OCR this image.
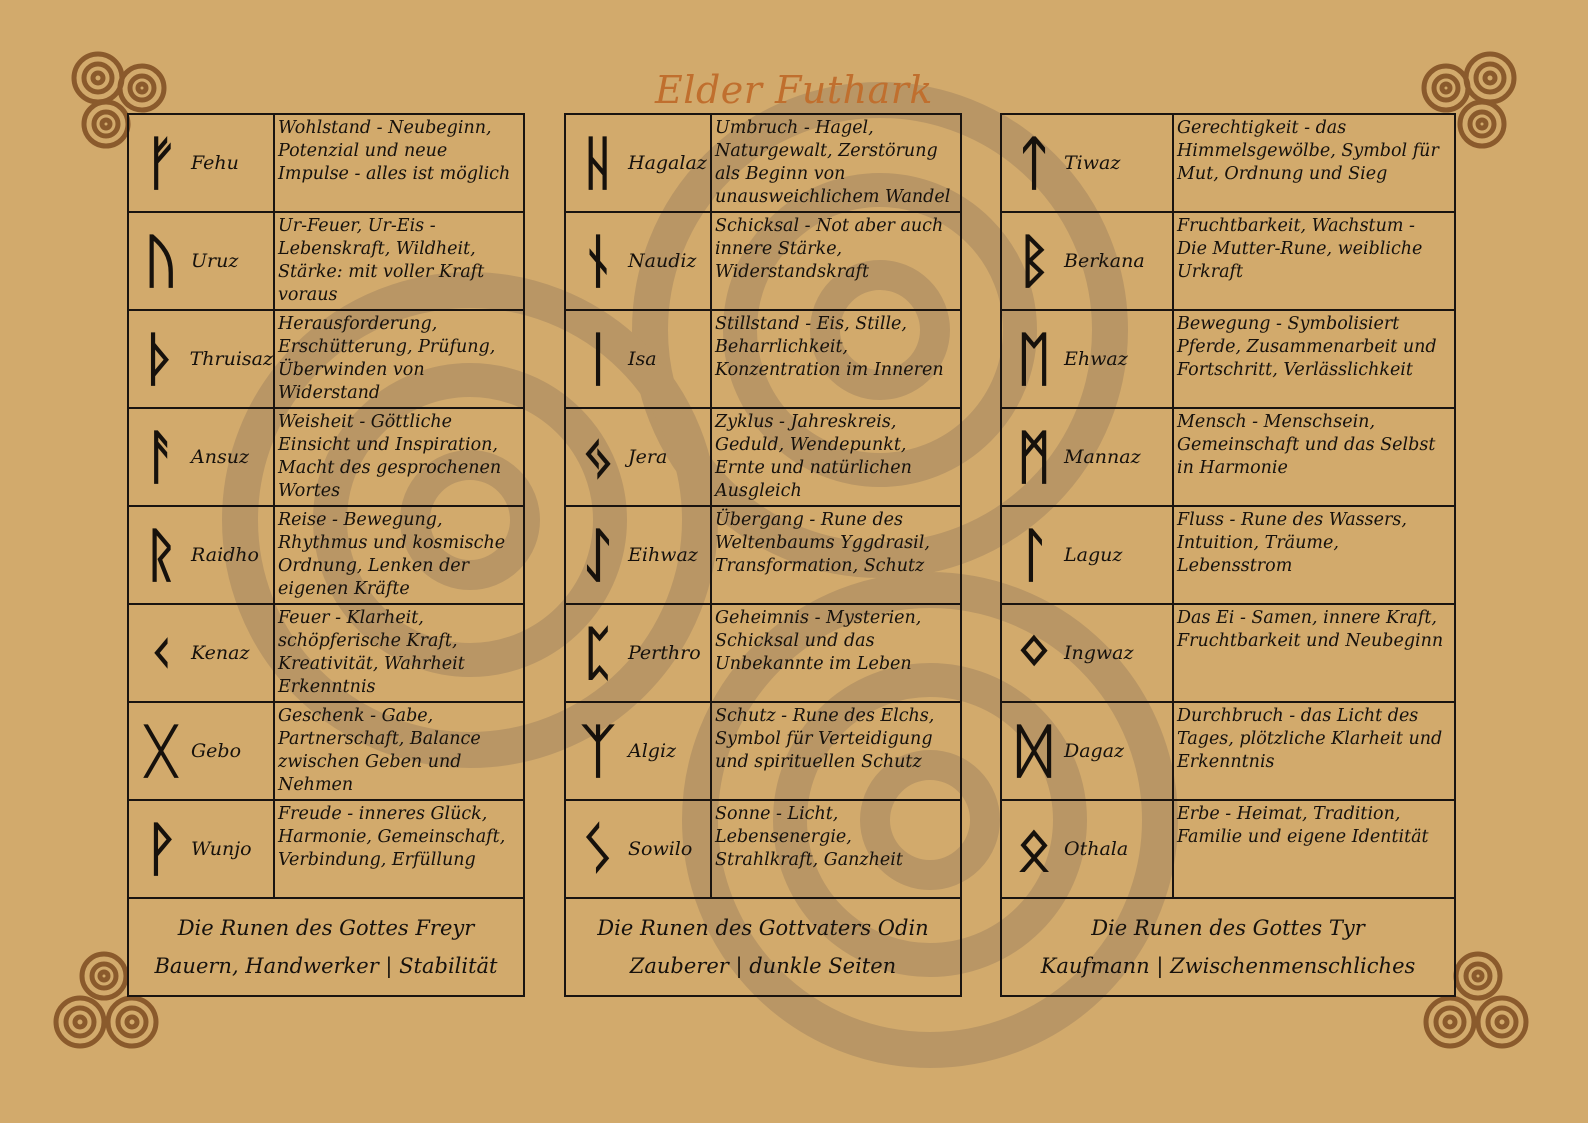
Elder Futhark
ᚠ Fehu
Wohlstand - Neubeginn, Potenzial und neue Impulse - alles ist möglich
ᚢ Uruz
Ur-Feuer, Ur-Eis - Lebenskraft, Wildheit, Stärke: mit voller Kraft voraus
ᚦ Thruisaz
Herausforderung, Erschütterung, Prüfung, Überwinden von Widerstand
ᚨ Ansuz
Weisheit - Göttliche Einsicht und Inspiration, Macht des gesprochenen Wortes
ᚱ Raidho
Reise - Bewegung, Rhythmus und kosmische Ordnung, Lenken der eigenen Kräfte
ᚲ Kenaz
Feuer - Klarheit, schöpferische Kraft, Kreativität, Wahrheit Erkenntnis
ᚷ Gebo
Geschenk - Gabe, Partnerschaft, Balance zwischen Geben und Nehmen
ᚹ Wunjo
Freude - inneres Glück, Harmonie, Gemeinschaft, Verbindung, Erfüllung
Die Runen des Gottes Freyr
Bauern, Handwerker | Stabilität
ᚺ Hagalaz
Umbruch - Hagel, Naturgewalt, Zerstörung als Beginn von unausweichlichem Wandel
ᚾ Naudiz
Schicksal - Not aber auch innere Stärke, Widerstandskraft
ᛁ Isa
Stillstand - Eis, Stille, Beharrlichkeit, Konzentration im Inneren
ᛃ Jera
Zyklus - Jahreskreis, Geduld, Wendepunkt, Ernte und natürlichen Ausgleich
ᛇ Eihwaz
Übergang - Rune des Weltenbaums Yggdrasil, Transformation, Schutz
ᛈ Perthro
Geheimnis - Mysterien, Schicksal und das Unbekannte im Leben
ᛉ Algiz
Schutz - Rune des Elchs, Symbol für Verteidigung und spirituellen Schutz
ᛊ Sowilo
Sonne - Licht, Lebensenergie, Strahlkraft, Ganzheit
Die Runen des Gottvaters Odin
Zauberer | dunkle Seiten
ᛏ Tiwaz
Gerechtigkeit - das Himmelsgewölbe, Symbol für Mut, Ordnung und Sieg
ᛒ Berkana
Fruchtbarkeit, Wachstum - Die Mutter-Rune, weibliche Urkraft
ᛖ Ehwaz
Bewegung - Symbolisiert Pferde, Zusammenarbeit und Fortschritt, Verlässlichkeit
ᛗ Mannaz
Mensch - Menschsein, Gemeinschaft und das Selbst in Harmonie
ᛚ Laguz
Fluss - Rune des Wassers, Intuition, Träume, Lebensstrom
ᛜ Ingwaz
Das Ei - Samen, innere Kraft, Fruchtbarkeit und Neubeginn
ᛞ Dagaz
Durchbruch - das Licht des Tages, plötzliche Klarheit und Erkenntnis
ᛟ Othala
Erbe - Heimat, Tradition, Familie und eigene Identität
Die Runen des Gottes Tyr
Kaufmann | Zwischenmenschliches
